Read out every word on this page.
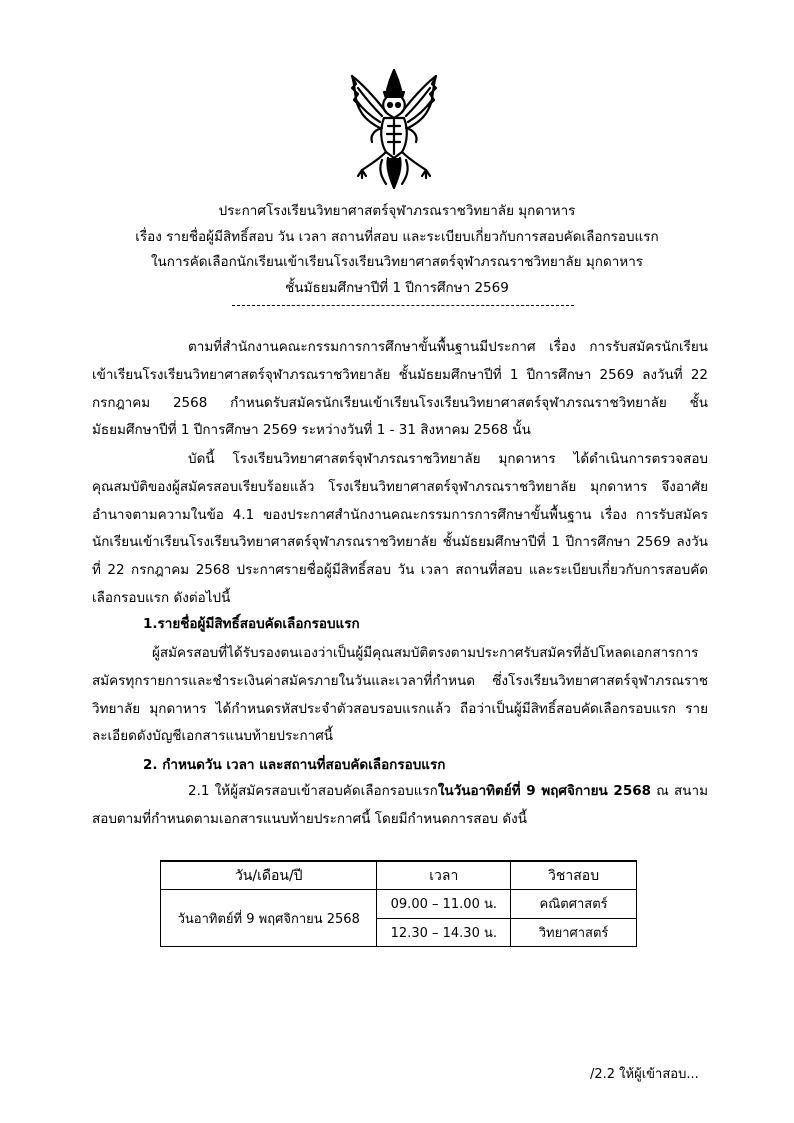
ประกาศโรงเรียนวิทยาศาสตร์จุฬาภรณราชวิทยาลัย มุกดาหาร
เรื่อง รายชื่อผู้มีสิทธิ์สอบ วัน เวลา สถานที่สอบ และระเบียบเกี่ยวกับการสอบคัดเลือกรอบแรก
ในการคัดเลือกนักเรียนเข้าเรียนโรงเรียนวิทยาศาสตร์จุฬาภรณราชวิทยาลัย มุกดาหาร
ชั้นมัธยมศึกษาปีที่ 1 ปีการศึกษา 2569
ตามที่สำนักงานคณะกรรมการการศึกษาขั้นพื้นฐานมีประกาศ เรื่อง การรับสมัครนักเรียนเข้าเรียนโรงเรียนวิทยาศาสตร์จุฬาภรณราชวิทยาลัย ชั้นมัธยมศึกษาปีที่ 1 ปีการศึกษา 2569 ลงวันที่ 22 กรกฎาคม 2568 กำหนดรับสมัครนักเรียนเข้าเรียนโรงเรียนวิทยาศาสตร์จุฬาภรณราชวิทยาลัย ชั้นมัธยมศึกษาปีที่ 1 ปีการศึกษา 2569 ระหว่างวันที่ 1 - 31 สิงหาคม 2568 นั้น
บัดนี้ โรงเรียนวิทยาศาสตร์จุฬาภรณราชวิทยาลัย มุกดาหาร ได้ดำเนินการตรวจสอบคุณสมบัติของผู้สมัครสอบเรียบร้อยแล้ว โรงเรียนวิทยาศาสตร์จุฬาภรณราชวิทยาลัย มุกดาหาร จึงอาศัยอำนาจตามความในข้อ 4.1 ของประกาศสำนักงานคณะกรรมการการศึกษาขั้นพื้นฐาน เรื่อง การรับสมัครนักเรียนเข้าเรียนโรงเรียนวิทยาศาสตร์จุฬาภรณราชวิทยาลัย ชั้นมัธยมศึกษาปีที่ 1 ปีการศึกษา 2569 ลงวันที่ 22 กรกฎาคม 2568 ประกาศรายชื่อผู้มีสิทธิ์สอบ วัน เวลา สถานที่สอบ และระเบียบเกี่ยวกับการสอบคัดเลือกรอบแรก ดังต่อไปนี้
1.รายชื่อผู้มีสิทธิ์สอบคัดเลือกรอบแรก
ผู้สมัครสอบที่ได้รับรองตนเองว่าเป็นผู้มีคุณสมบัติตรงตามประกาศรับสมัครที่อัปโหลดเอกสารการสมัครทุกรายการและชำระเงินค่าสมัครภายในวันและเวลาที่กำหนด ซึ่งโรงเรียนวิทยาศาสตร์จุฬาภรณราชวิทยาลัย มุกดาหาร ได้กำหนดรหัสประจำตัวสอบรอบแรกแล้ว ถือว่าเป็นผู้มีสิทธิ์สอบคัดเลือกรอบแรก รายละเอียดดังบัญชีเอกสารแนบท้ายประกาศนี้
2. กำหนดวัน เวลา และสถานที่สอบคัดเลือกรอบแรก
2.1 ให้ผู้สมัครสอบเข้าสอบคัดเลือกรอบแรกในวันอาทิตย์ที่ 9 พฤศจิกายน 2568 ณ สนามสอบตามที่กำหนดตามเอกสารแนบท้ายประกาศนี้ โดยมีกำหนดการสอบ ดังนี้
วัน/เดือน/ปี	เวลา	วิชาสอบ
วันอาทิตย์ที่ 9 พฤศจิกายน 2568	09.00 – 11.00 น.	คณิตศาสตร์
	12.30 – 14.30 น.	วิทยาศาสตร์
/2.2 ให้ผู้เข้าสอบ...
